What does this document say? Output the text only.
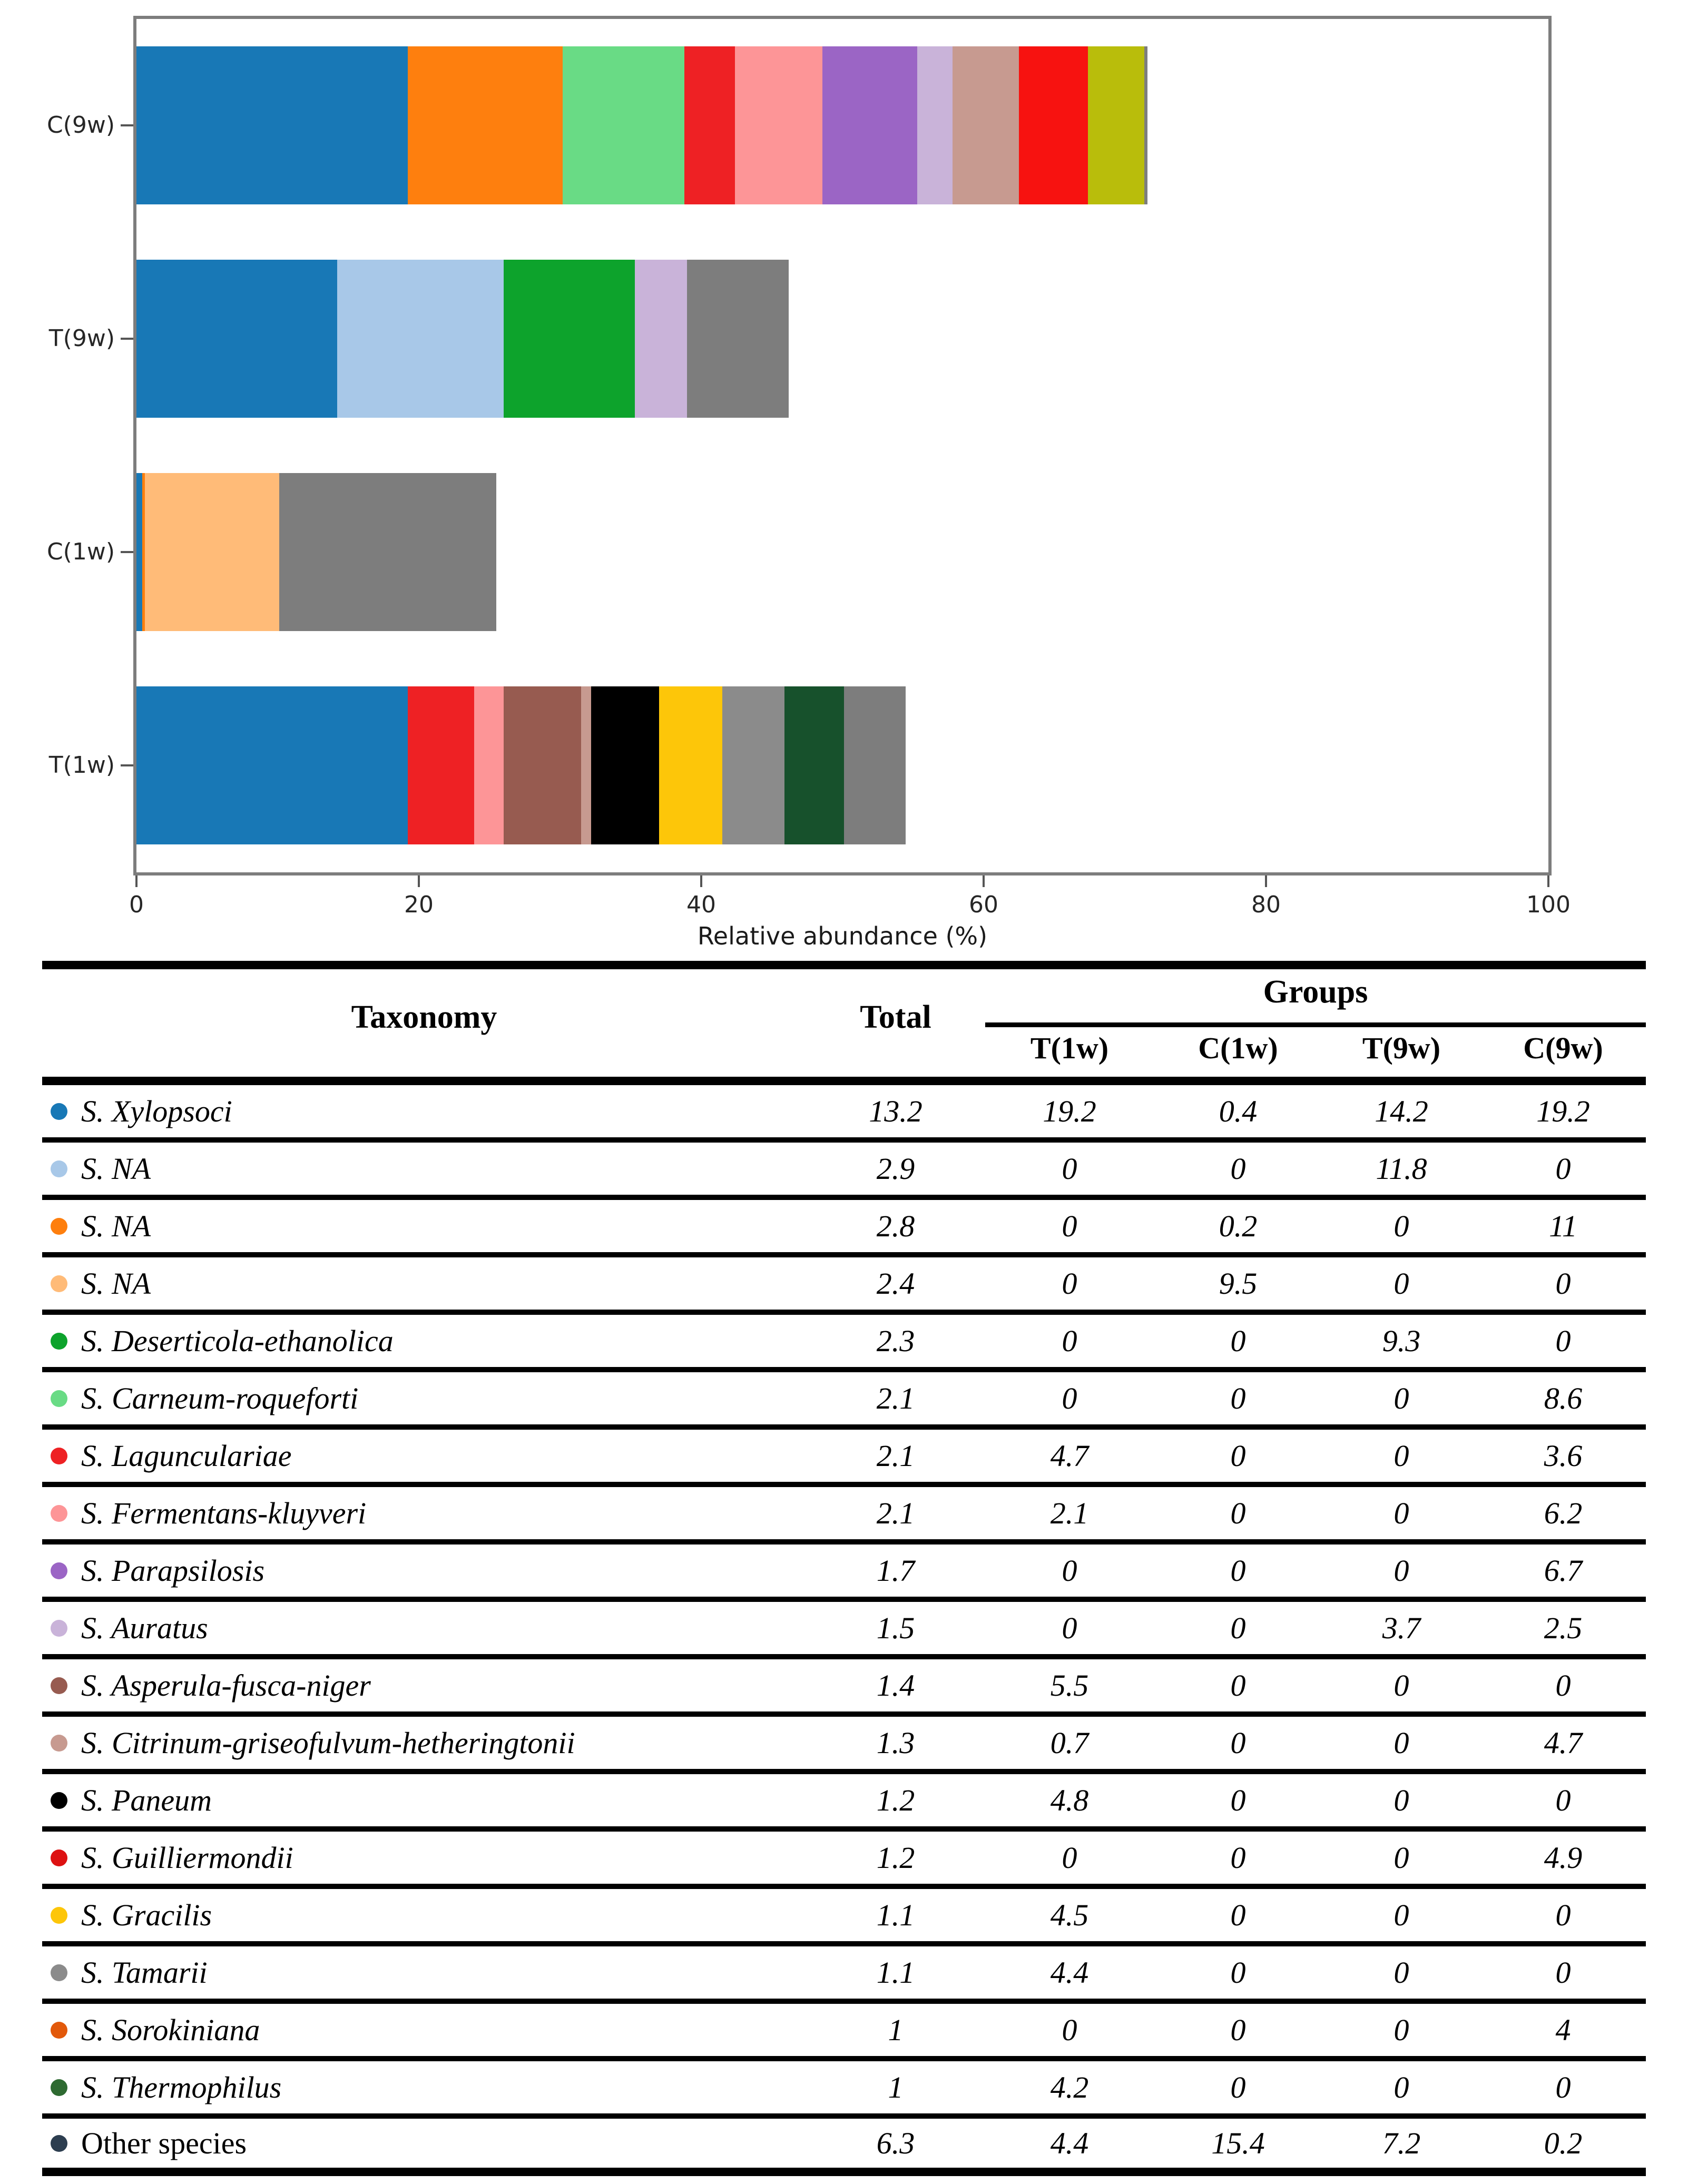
Relative abundance (%)
C(9w)
T(9w)
C(1w)
T(1w)
0	20	40	60	80	100
Taxonomy	Total
Groups
T(1w)	C(1w)	T(9w)	C(9w)
S. Xylopsoci	13.2	19.2	0.4	14.2	19.2
S. NA	2.9	0	0	11.8	0
S. NA	2.8	0	0.2	0	11
S. NA	2.4	0	9.5	0	0
S. Deserticola-ethanolica	2.3	0	0	9.3	0
S. Carneum-roqueforti	2.1	0	0	0	8.6
S. Lagunculariae	2.1	4.7	0	0	3.6
S. Fermentans-kluyveri	2.1	2.1	0	0	6.2
S. Parapsilosis	1.7	0	0	0	6.7
S. Auratus	1.5	0	0	3.7	2.5
S. Asperula-fusca-niger	1.4	5.5	0	0	0
S. Citrinum-griseofulvum-hetheringtonii	1.3	0.7	0	0	4.7
S. Paneum	1.2	4.8	0	0	0
S. Guilliermondii	1.2	0	0	0	4.9
S. Gracilis	1.1	4.5	0	0	0
S. Tamarii	1.1	4.4	0	0	0
S. Sorokiniana	1	0	0	0	4
S. Thermophilus	1	4.2	0	0	0
Other species	6.3	4.4	15.4	7.2	0.2
